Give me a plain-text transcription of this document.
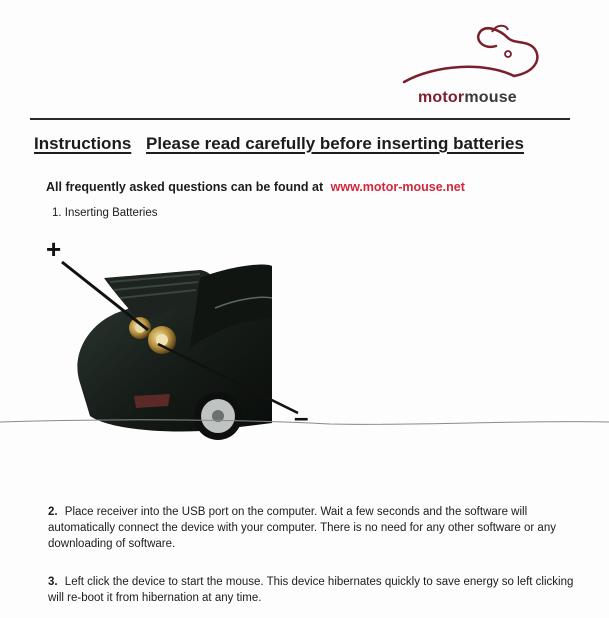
motormouse
Instructions Please read carefully before inserting batteries
All frequently asked questions can be found at www.motor-mouse.net
1. Inserting Batteries
+
–
2. Place receiver into the USB port on the computer. Wait a few seconds and the software will automatically connect the device with your computer. There is no need for any other software or any downloading of software.
3. Left click the device to start the mouse. This device hibernates quickly to save energy so left clicking will re-boot it from hibernation at any time.
